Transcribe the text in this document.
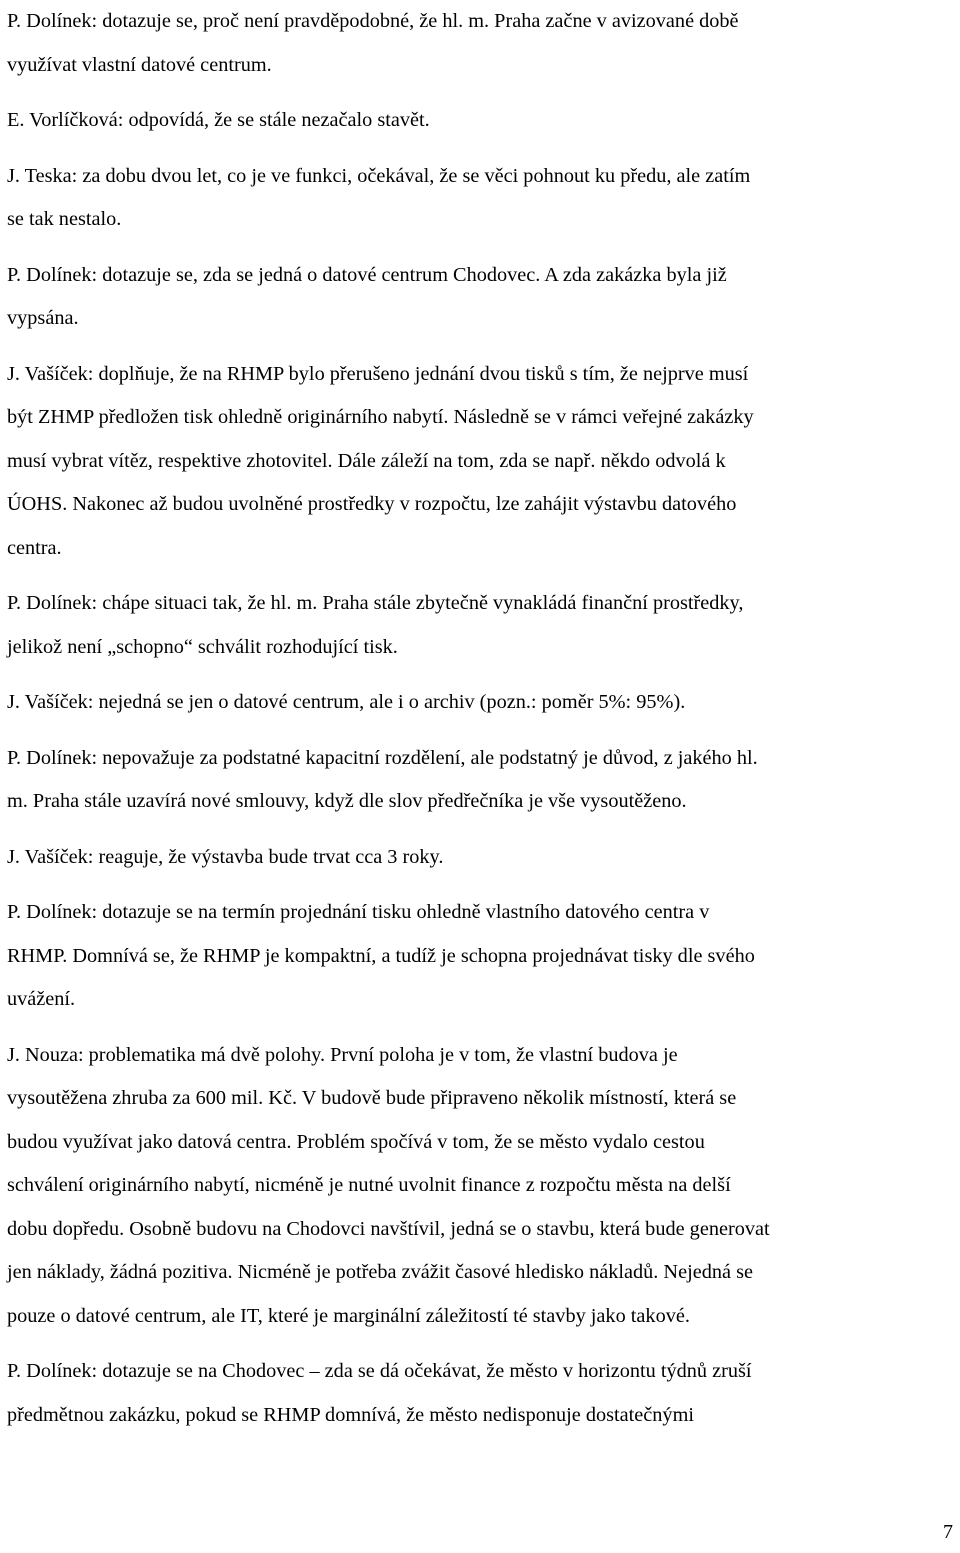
P. Dolínek: dotazuje se, proč není pravděpodobné, že hl. m. Praha začne v avizované době
využívat vlastní datové centrum.

E. Vorlíčková: odpovídá, že se stále nezačalo stavět.

J. Teska: za dobu dvou let, co je ve funkci, očekával, že se věci pohnout ku předu, ale zatím
se tak nestalo.

P. Dolínek: dotazuje se, zda se jedná o datové centrum Chodovec. A zda zakázka byla již
vypsána.

J. Vašíček: doplňuje, že na RHMP bylo přerušeno jednání dvou tisků s tím, že nejprve musí
být ZHMP předložen tisk ohledně originárního nabytí. Následně se v rámci veřejné zakázky
musí vybrat vítěz, respektive zhotovitel. Dále záleží na tom, zda se např. někdo odvolá k
ÚOHS. Nakonec až budou uvolněné prostředky v rozpočtu, lze zahájit výstavbu datového
centra.

P. Dolínek: chápe situaci tak, že hl. m. Praha stále zbytečně vynakládá finanční prostředky,
jelikož není „schopno“ schválit rozhodující tisk.

J. Vašíček: nejedná se jen o datové centrum, ale i o archiv (pozn.: poměr 5%: 95%).

P. Dolínek: nepovažuje za podstatné kapacitní rozdělení, ale podstatný je důvod, z jakého hl.
m. Praha stále uzavírá nové smlouvy, když dle slov předřečníka je vše vysoutěženo.

J. Vašíček: reaguje, že výstavba bude trvat cca 3 roky.

P. Dolínek: dotazuje se na termín projednání tisku ohledně vlastního datového centra v
RHMP. Domnívá se, že RHMP je kompaktní, a tudíž je schopna projednávat tisky dle svého
uvážení.

J. Nouza: problematika má dvě polohy. První poloha je v tom, že vlastní budova je
vysoutěžena zhruba za 600 mil. Kč. V budově bude připraveno několik místností, která se
budou využívat jako datová centra. Problém spočívá v tom, že se město vydalo cestou
schválení originárního nabytí, nicméně je nutné uvolnit finance z rozpočtu města na delší
dobu dopředu. Osobně budovu na Chodovci navštívil, jedná se o stavbu, která bude generovat
jen náklady, žádná pozitiva. Nicméně je potřeba zvážit časové hledisko nákladů. Nejedná se
pouze o datové centrum, ale IT, které je marginální záležitostí té stavby jako takové.

P. Dolínek: dotazuje se na Chodovec – zda se dá očekávat, že město v horizontu týdnů zruší
předmětnou zakázku, pokud se RHMP domnívá, že město nedisponuje dostatečnými

7
